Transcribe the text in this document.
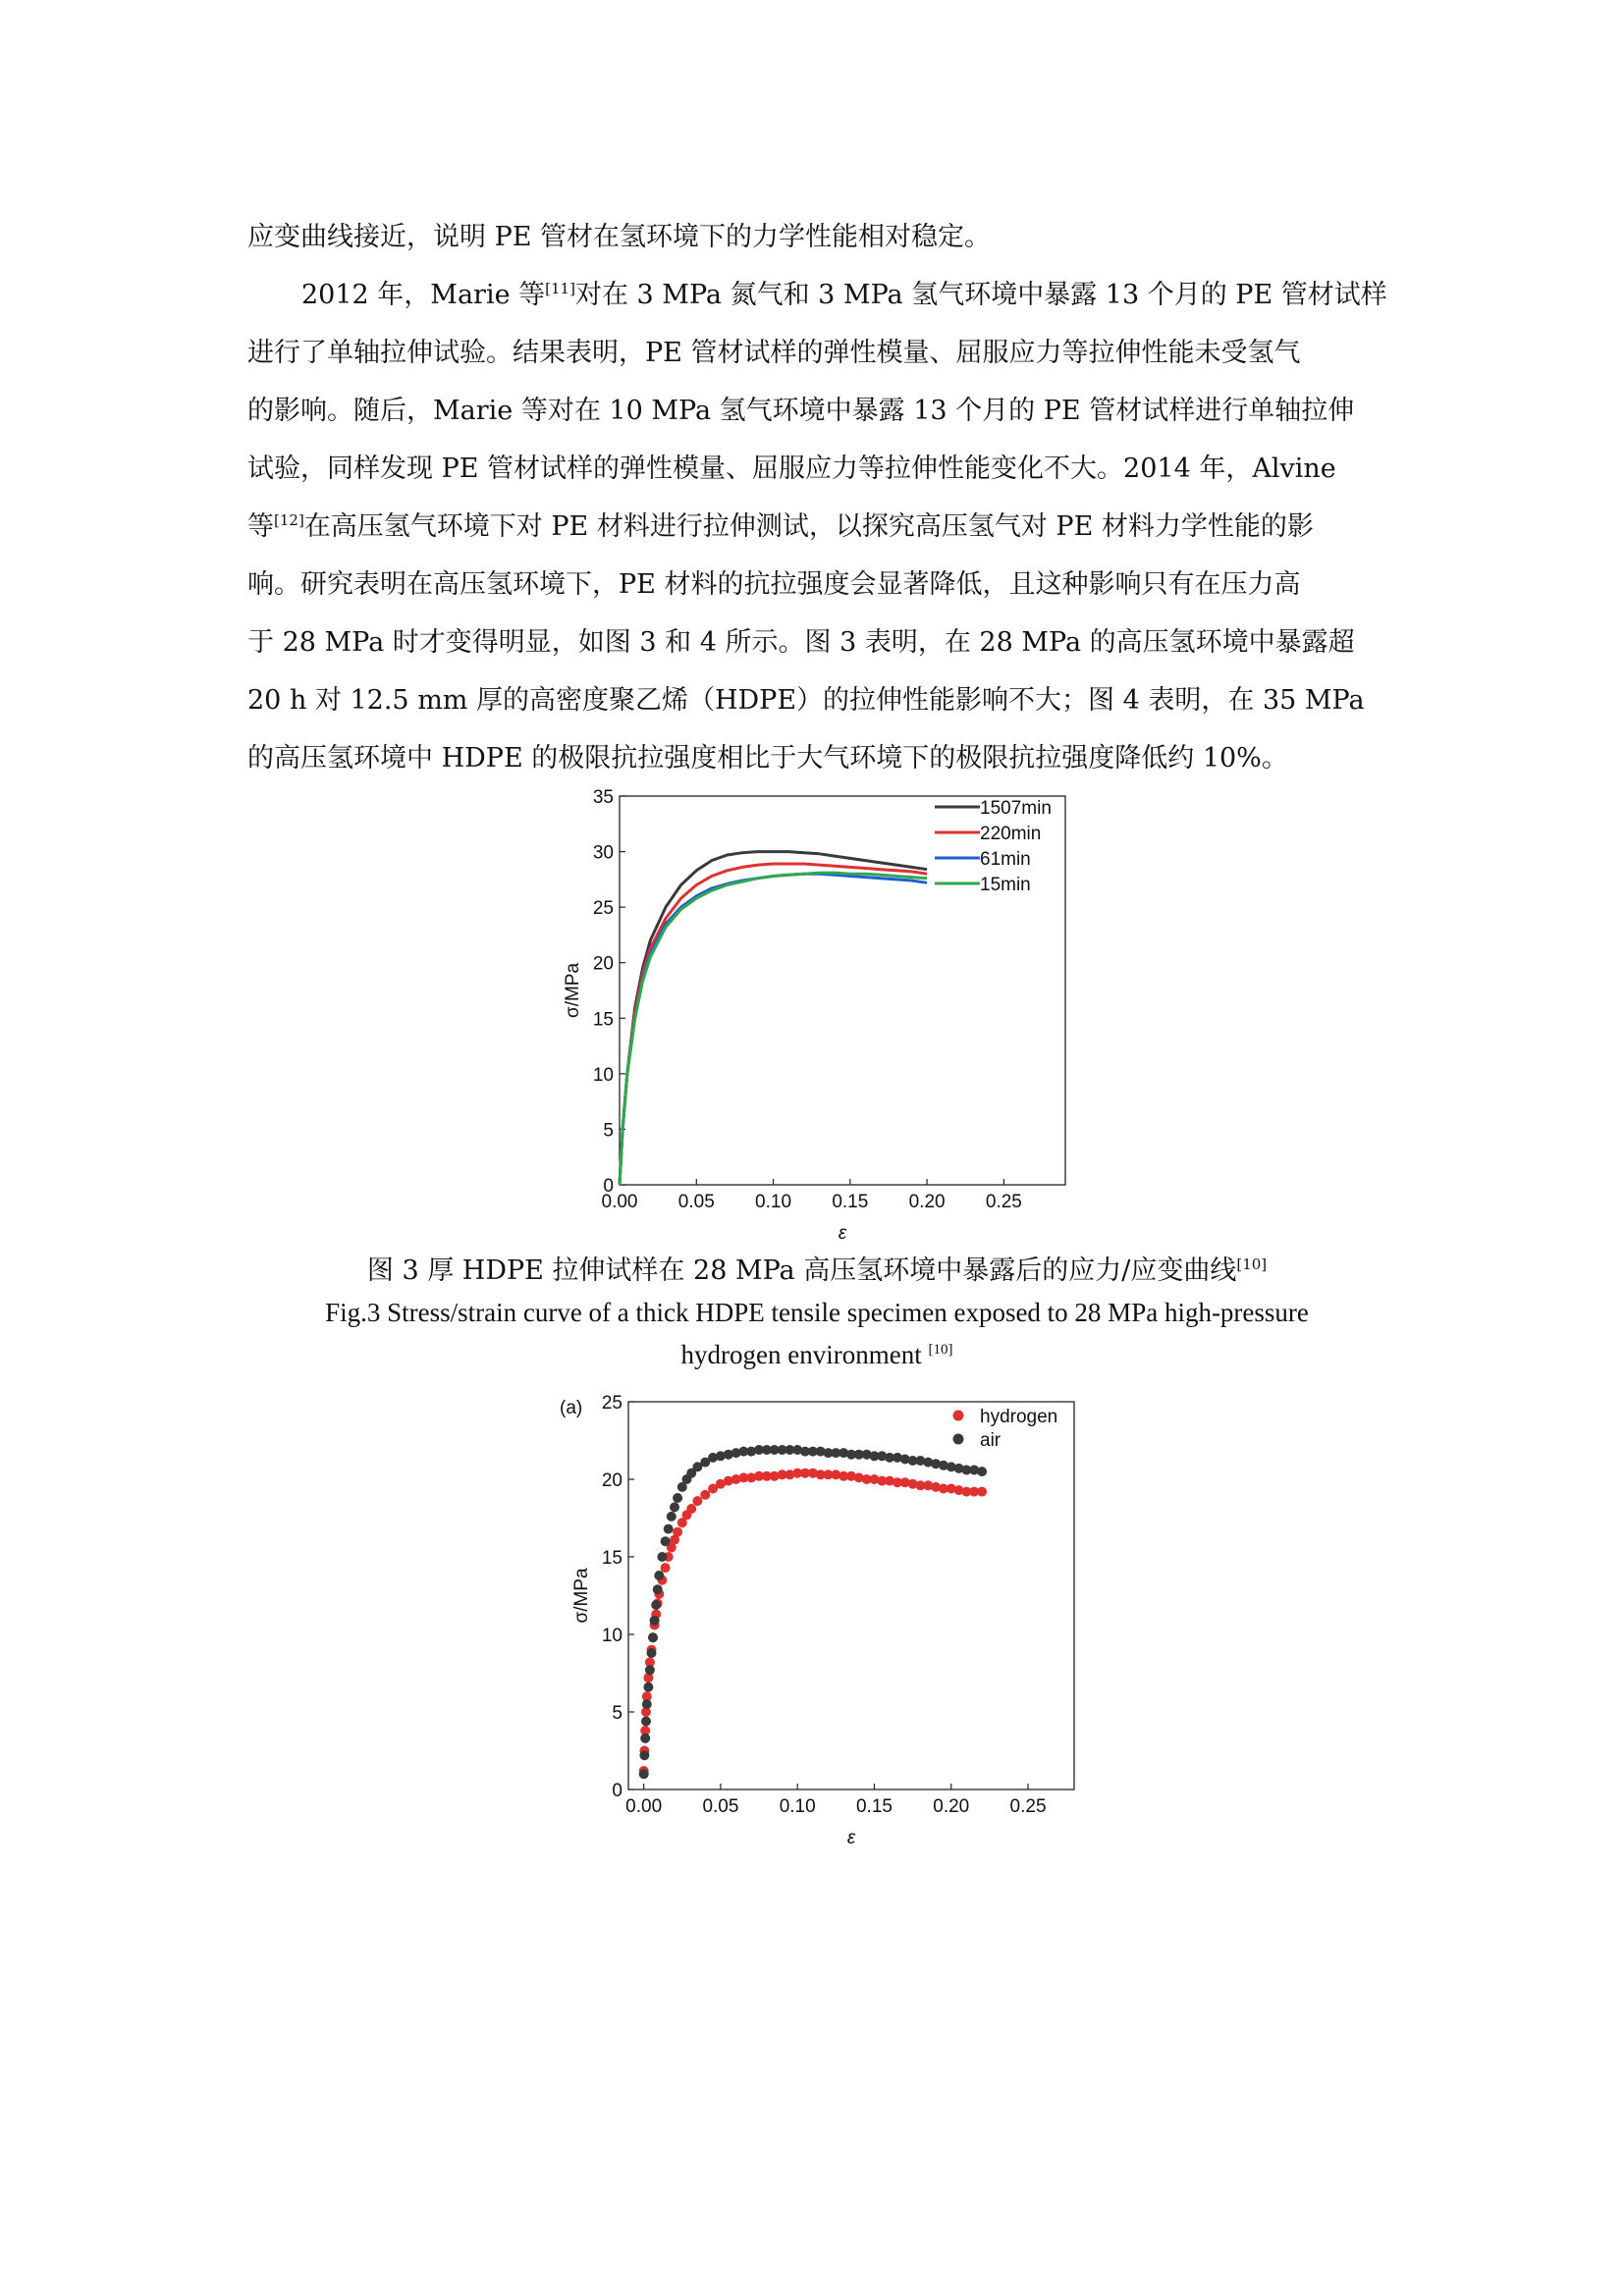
应变曲线接近，说明 PE 管材在氢环境下的力学性能相对稳定。
2012 年，Marie 等[11]对在 3 MPa 氮气和 3 MPa 氢气环境中暴露 13 个月的 PE 管材试样
进行了单轴拉伸试验。结果表明，PE 管材试样的弹性模量、屈服应力等拉伸性能未受氢气
的影响。随后，Marie 等对在 10 MPa 氢气环境中暴露 13 个月的 PE 管材试样进行单轴拉伸
试验，同样发现 PE 管材试样的弹性模量、屈服应力等拉伸性能变化不大。2014 年，Alvine
等[12]在高压氢气环境下对 PE 材料进行拉伸测试，以探究高压氢气对 PE 材料力学性能的影
响。研究表明在高压氢环境下，PE 材料的抗拉强度会显著降低，且这种影响只有在压力高
于 28 MPa 时才变得明显，如图 3 和 4 所示。图 3 表明，在 28 MPa 的高压氢环境中暴露超
20 h 对 12.5 mm 厚的高密度聚乙烯（HDPE）的拉伸性能影响不大；图 4 表明，在 35 MPa
的高压氢环境中 HDPE 的极限抗拉强度相比于大气环境下的极限抗拉强度降低约 10%。
0.00 0.05 0.10 0.15 0.20 0.25
0
5
10
15
20
25
30
35
ε
σ/MPa
1507min
220min
61min
15min
图 3 厚 HDPE 拉伸试样在 28 MPa 高压氢环境中暴露后的应力/应变曲线[10]
Fig.3 Stress/strain curve of a thick HDPE tensile specimen exposed to 28 MPa high-pressure
hydrogen environment [10]
0.00 0.05 0.10 0.15 0.20 0.25
0
5
10
15
20
25
ε
σ/MPa
(a)	hydrogen
air
